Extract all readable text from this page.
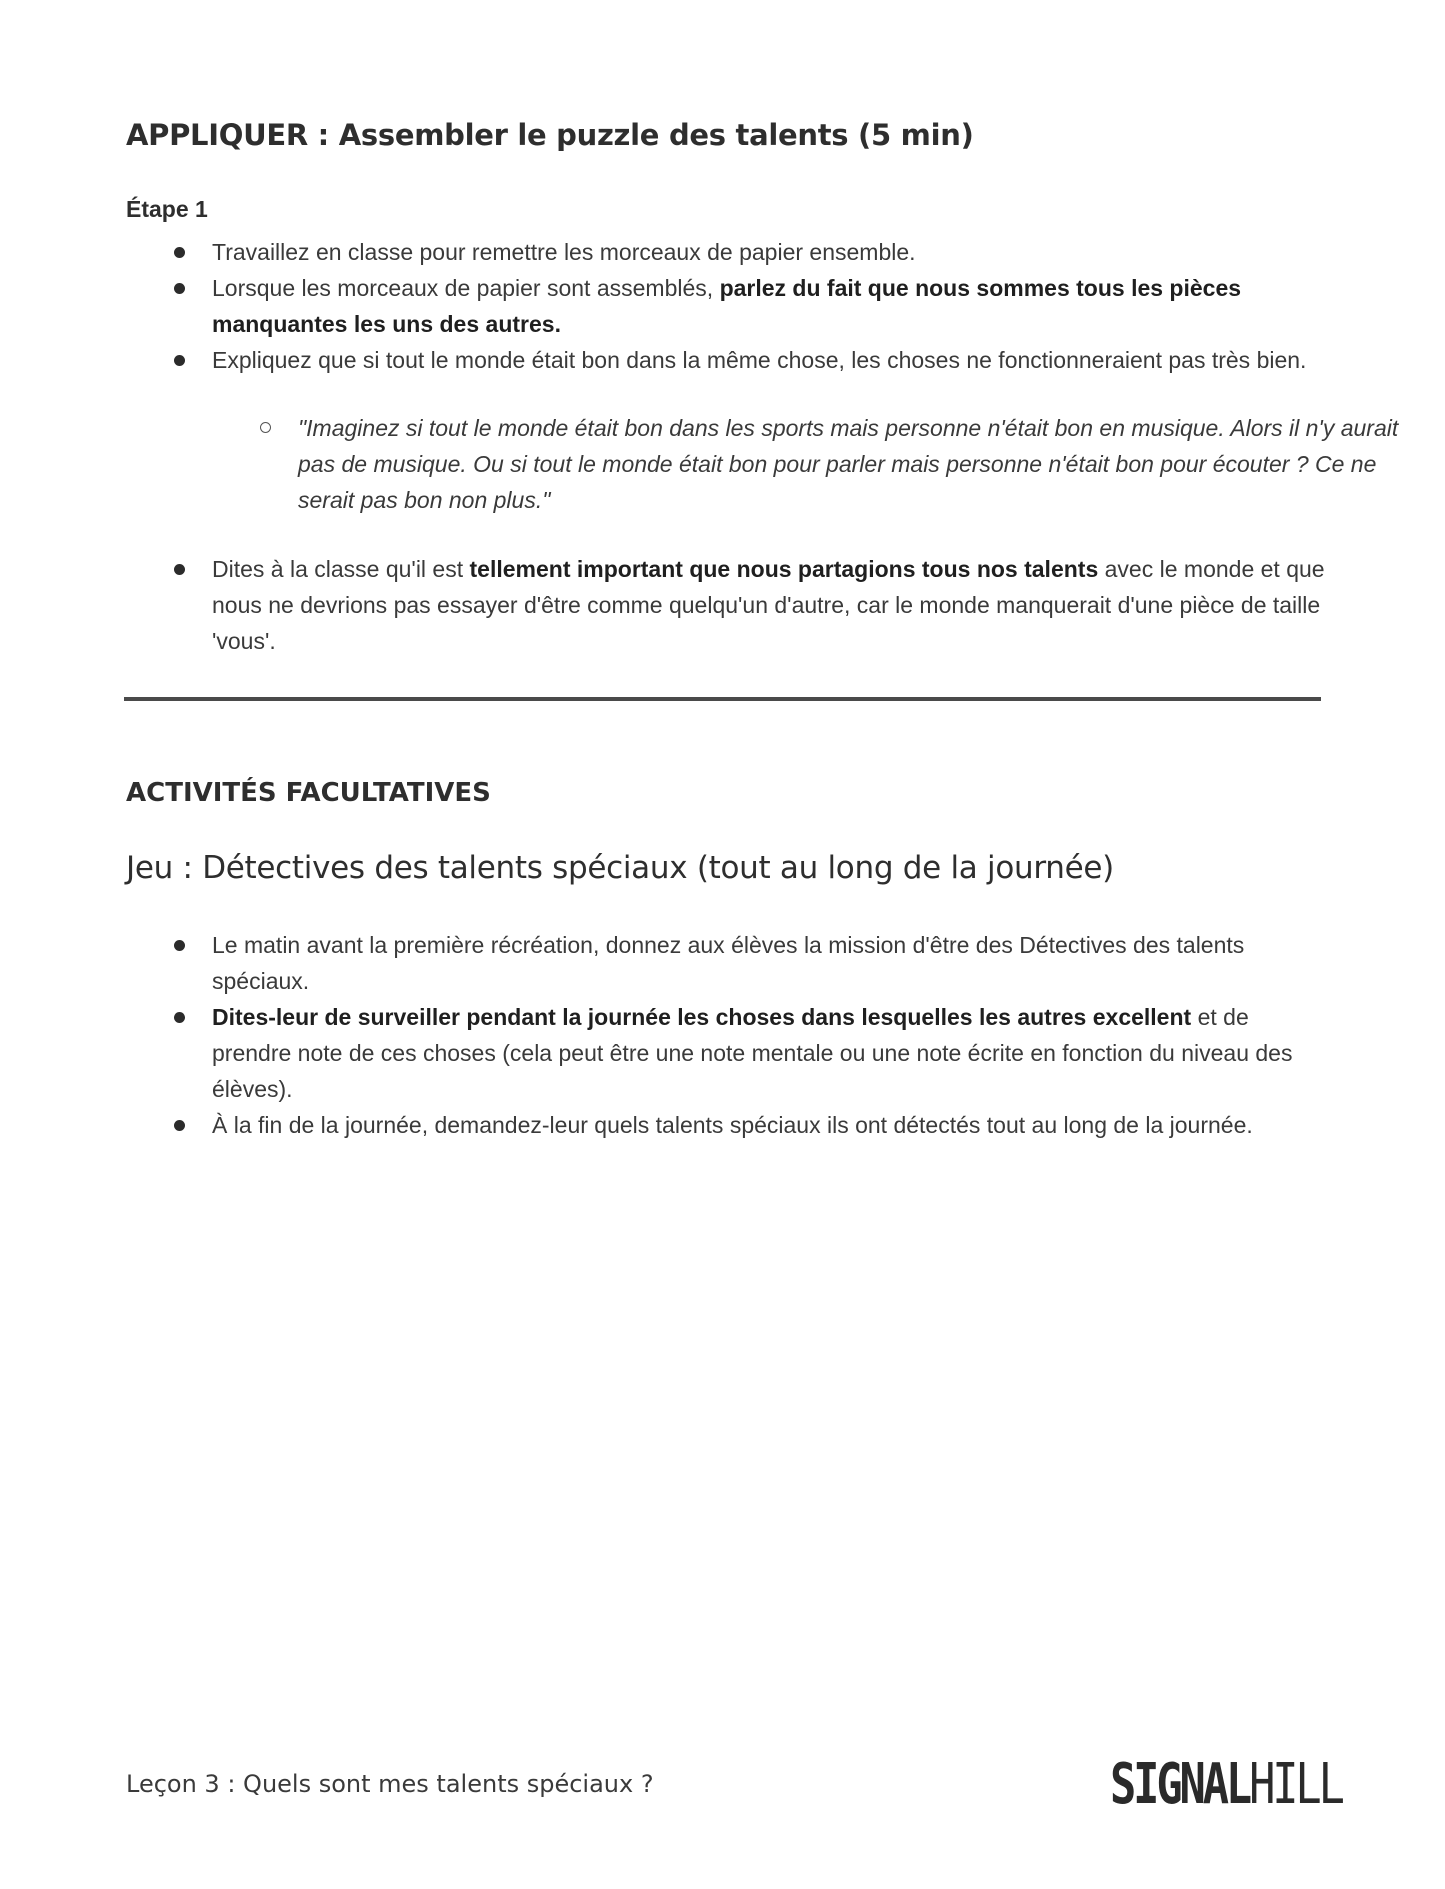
APPLIQUER : Assembler le puzzle des talents (5 min)
Étape 1
Travaillez en classe pour remettre les morceaux de papier ensemble.
Lorsque les morceaux de papier sont assemblés, parlez du fait que nous sommes tous les pièces manquantes les uns des autres.
Expliquez que si tout le monde était bon dans la même chose, les choses ne fonctionneraient pas très bien.
"Imaginez si tout le monde était bon dans les sports mais personne n'était bon en musique. Alors il n'y aurait pas de musique. Ou si tout le monde était bon pour parler mais personne n'était bon pour écouter ? Ce ne serait pas bon non plus."
Dites à la classe qu'il est tellement important que nous partagions tous nos talents avec le monde et que nous ne devrions pas essayer d'être comme quelqu'un d'autre, car le monde manquerait d'une pièce de taille 'vous'.
ACTIVITÉS FACULTATIVES
Jeu : Détectives des talents spéciaux (tout au long de la journée)
Le matin avant la première récréation, donnez aux élèves la mission d'être des Détectives des talents spéciaux.
Dites-leur de surveiller pendant la journée les choses dans lesquelles les autres excellent et de prendre note de ces choses (cela peut être une note mentale ou une note écrite en fonction du niveau des élèves).
À la fin de la journée, demandez-leur quels talents spéciaux ils ont détectés tout au long de la journée.
Leçon 3 : Quels sont mes talents spéciaux ?	SIGNALHILL
